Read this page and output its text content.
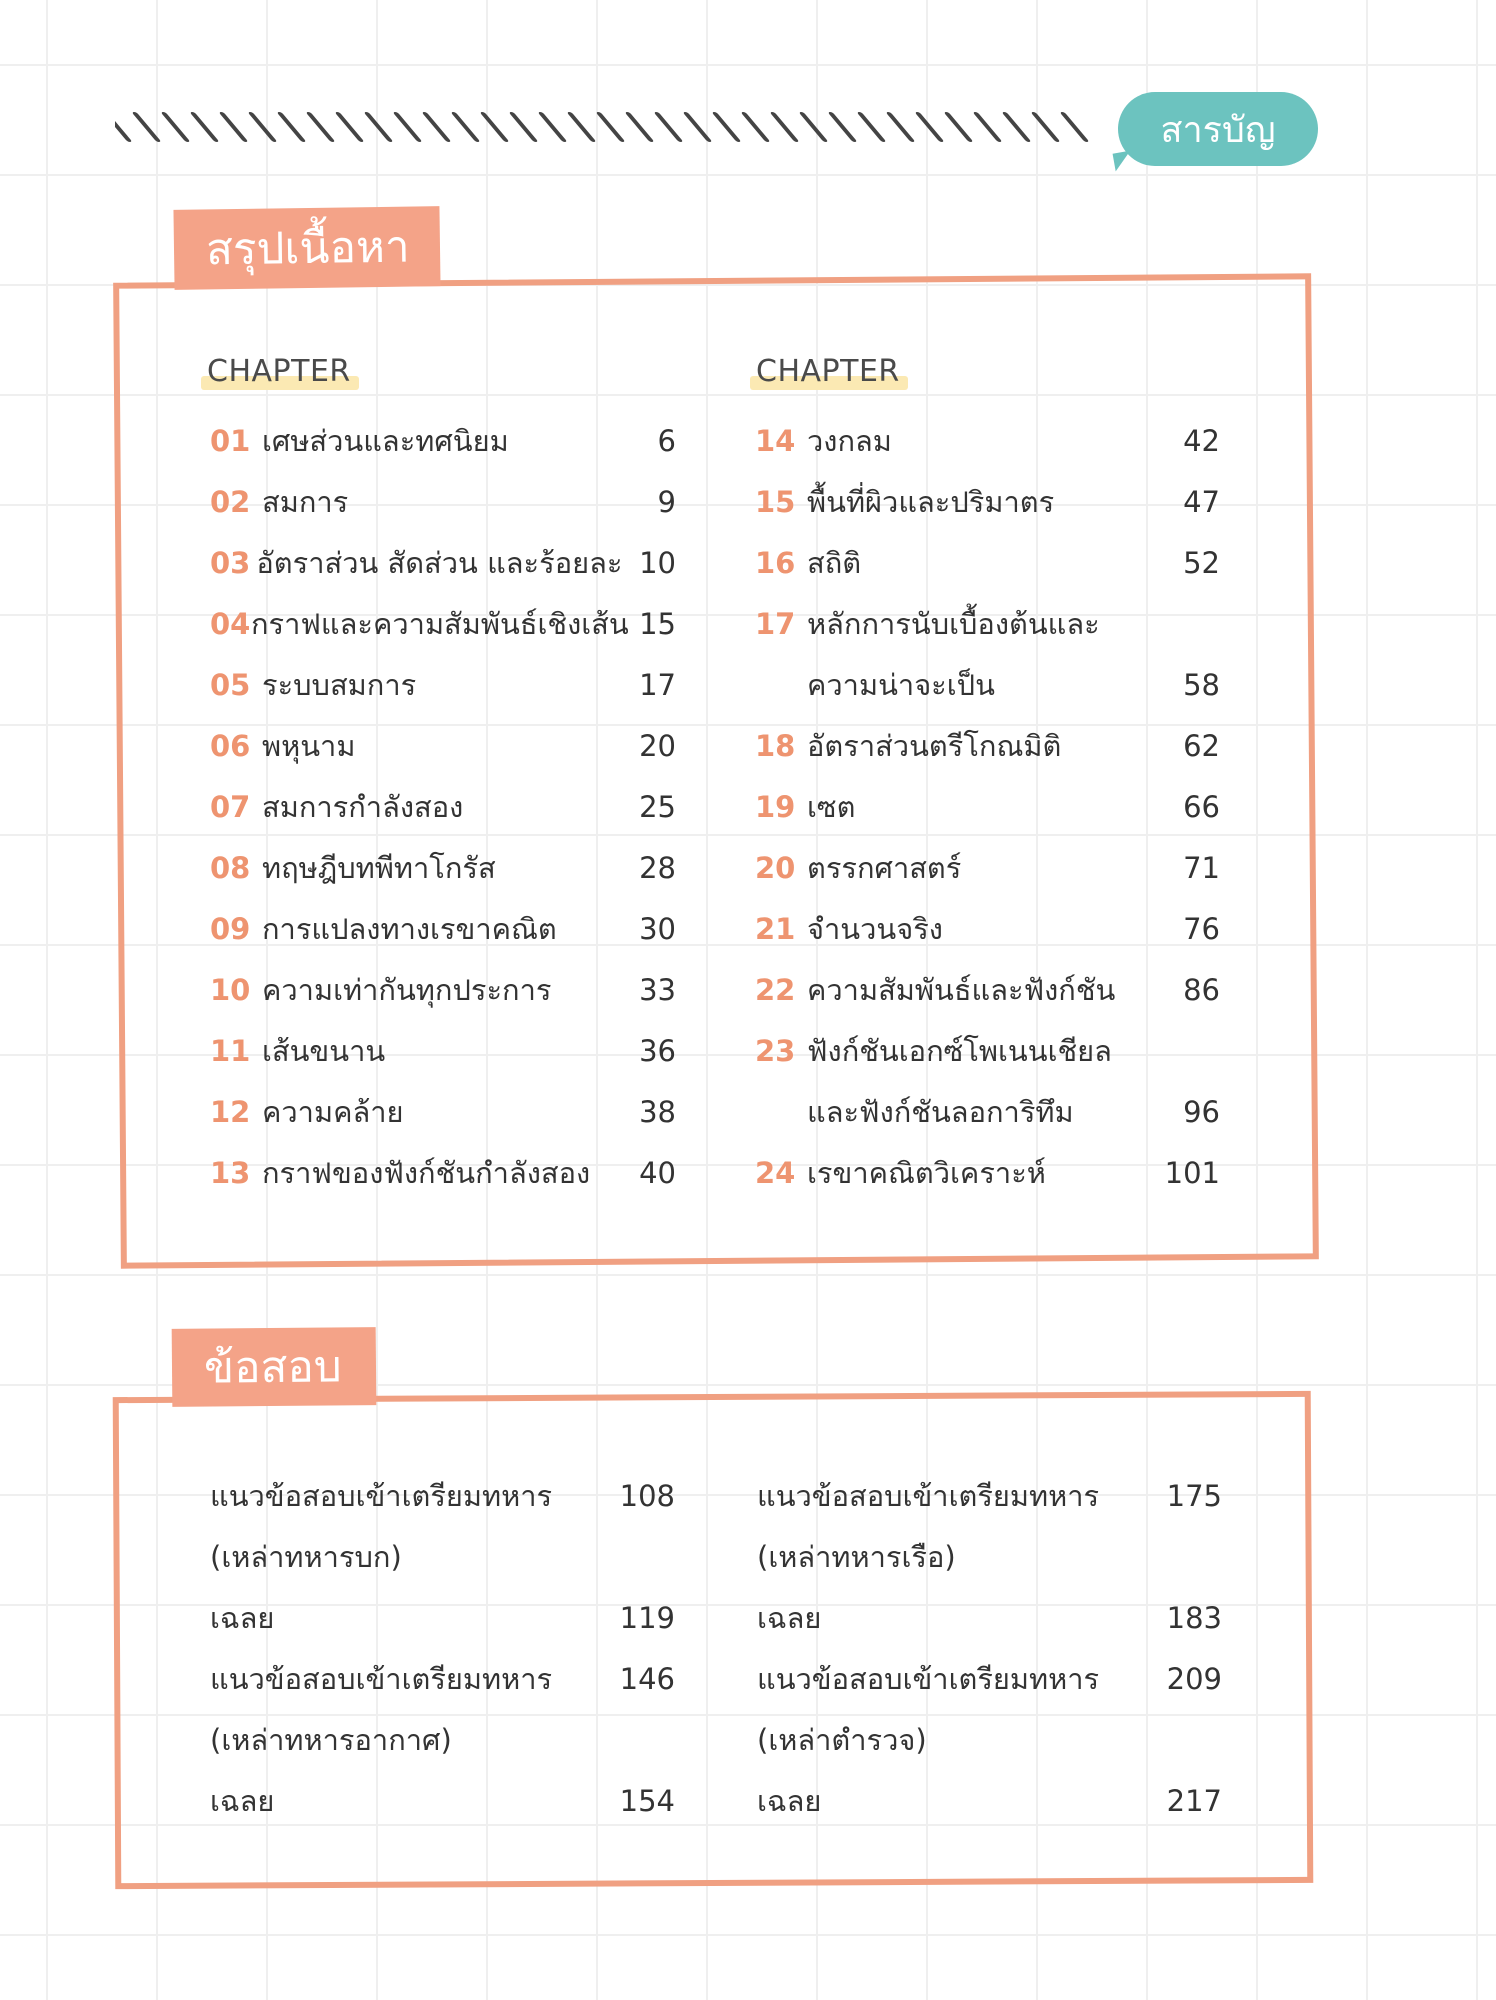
สารบัญ
สรุปเนื้อหา
CHAPTER	CHAPTER
01 เศษส่วนและทศนิยม	6
02 สมการ	9
03 อัตราส่วน สัดส่วน และร้อยละ 10
04 กราฟและความสัมพันธ์เชิงเส้น 15
05 ระบบสมการ	17
06 พหุนาม	20
07 สมการกำลังสอง	25
08 ทฤษฎีบทพีทาโกรัส	28
09 การแปลงทางเรขาคณิต	30
10 ความเท่ากันทุกประการ	33
11 เส้นขนาน	36
12 ความคล้าย	38
13 กราฟของฟังก์ชันกำลังสอง	40
14 วงกลม	42
15 พื้นที่ผิวและปริมาตร	47
16 สถิติ	52
17 หลักการนับเบื้องต้นและ
ความน่าจะเป็น	58
18 อัตราส่วนตรีโกณมิติ	62
19 เซต	66
20 ตรรกศาสตร์	71
21 จำนวนจริง	76
22 ความสัมพันธ์และฟังก์ชัน	86
23 ฟังก์ชันเอกซ์โพเนนเชียล
และฟังก์ชันลอการิทึม	96
24 เรขาคณิตวิเคราะห์	101
ข้อสอบ
แนวข้อสอบเข้าเตรียมทหาร	108
(เหล่าทหารบก)
เฉลย	119
แนวข้อสอบเข้าเตรียมทหาร	146
(เหล่าทหารอากาศ)
เฉลย	154
แนวข้อสอบเข้าเตรียมทหาร	175
(เหล่าทหารเรือ)
เฉลย	183
แนวข้อสอบเข้าเตรียมทหาร	209
(เหล่าตำรวจ)
เฉลย	217
